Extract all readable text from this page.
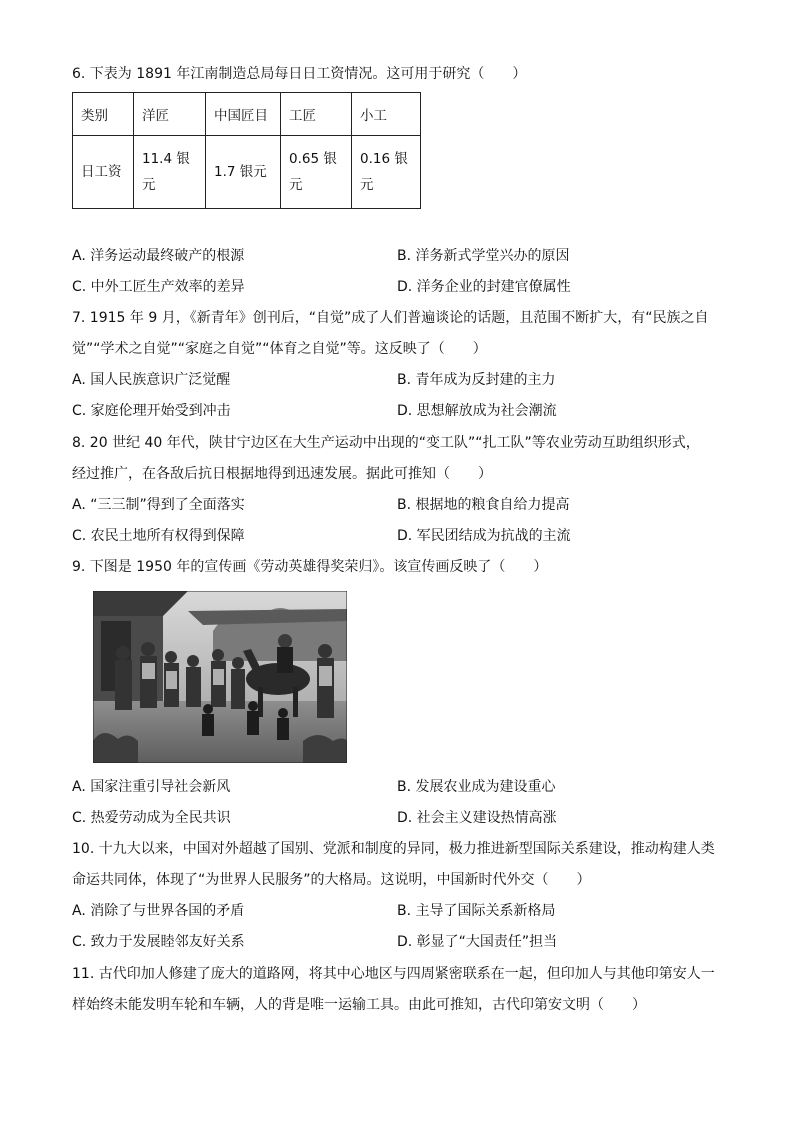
6. 下表为 1891 年江南制造总局每日日工资情况。这可用于研究（　　）
类别	洋匠	中国匠目	工匠	小工
日工资	11.4 银元	1.7 银元	0.65 银元	0.16 银元
A. 洋务运动最终破产的根源	B. 洋务新式学堂兴办的原因
C. 中外工匠生产效率的差异	D. 洋务企业的封建官僚属性
7. 1915 年 9 月，《新青年》创刊后，“自觉”成了人们普遍谈论的话题，且范围不断扩大，有“民族之自
觉”“学术之自觉”“家庭之自觉”“体育之自觉”等。这反映了（　　）
A. 国人民族意识广泛觉醒	B. 青年成为反封建的主力
C. 家庭伦理开始受到冲击	D. 思想解放成为社会潮流
8. 20 世纪 40 年代，陕甘宁边区在大生产运动中出现的“变工队”“扎工队”等农业劳动互助组织形式，
经过推广，在各敌后抗日根据地得到迅速发展。据此可推知（　　）
A. “三三制”得到了全面落实	B. 根据地的粮食自给力提高
C. 农民土地所有权得到保障	D. 军民团结成为抗战的主流
9. 下图是 1950 年的宣传画《劳动英雄得奖荣归》。该宣传画反映了（　　）
A. 国家注重引导社会新风	B. 发展农业成为建设重心
C. 热爱劳动成为全民共识	D. 社会主义建设热情高涨
10. 十九大以来，中国对外超越了国别、党派和制度的异同，极力推进新型国际关系建设，推动构建人类
命运共同体，体现了“为世界人民服务”的大格局。这说明，中国新时代外交（　　）
A. 消除了与世界各国的矛盾	B. 主导了国际关系新格局
C. 致力于发展睦邻友好关系	D. 彰显了“大国责任”担当
11. 古代印加人修建了庞大的道路网，将其中心地区与四周紧密联系在一起，但印加人与其他印第安人一
样始终未能发明车轮和车辆，人的背是唯一运输工具。由此可推知，古代印第安文明（　　）
